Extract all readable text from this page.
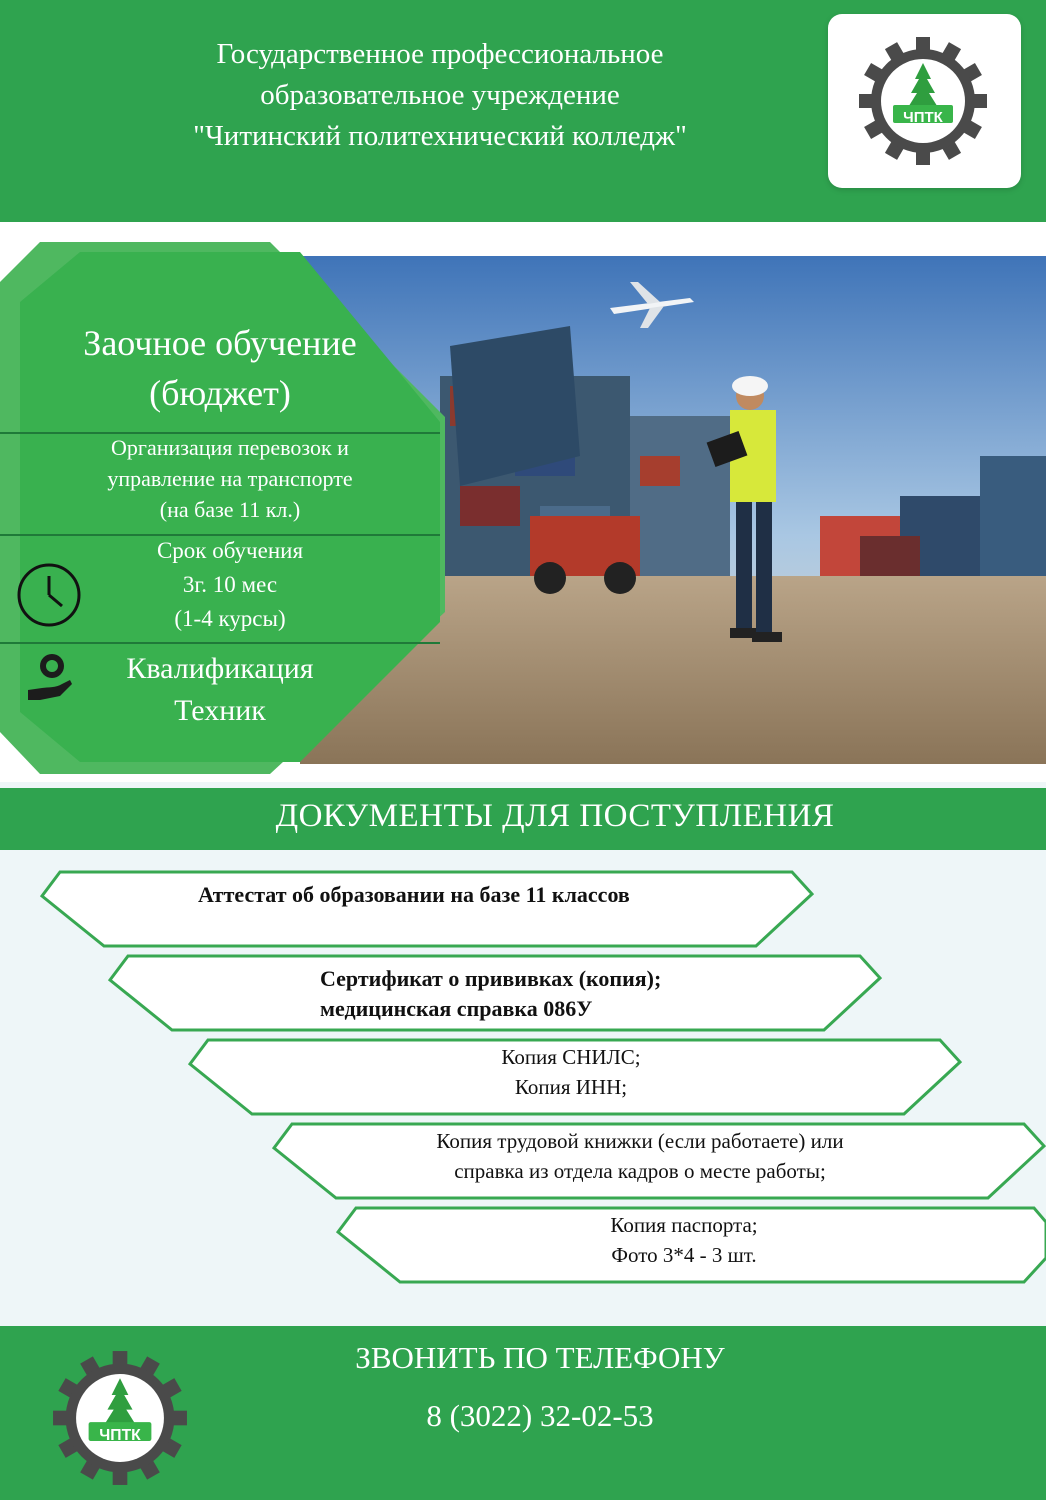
Государственное профессиональное
образовательное учреждение
"Читинский политехнический колледж"
ЧПТК
Заочное обучение
(бюджет)
Организация перевозок и
управление на транспорте
(на базе 11 кл.)
Срок обучения
3г. 10 мес
(1-4 курсы)
Квалификация
Техник
ДОКУМЕНТЫ ДЛЯ ПОСТУПЛЕНИЯ
Аттестат об образовании на базе 11 классов
Сертификат о прививках (копия);
медицинская справка 086У
Копия СНИЛС;
Копия ИНН;
Копия трудовой книжки (если работаете) или
справка из отдела кадров о месте работы;
Копия паспорта;
Фото 3*4 - 3 шт.
ЧПТК
ЗВОНИТЬ ПО ТЕЛЕФОНУ
8 (3022) 32-02-53
